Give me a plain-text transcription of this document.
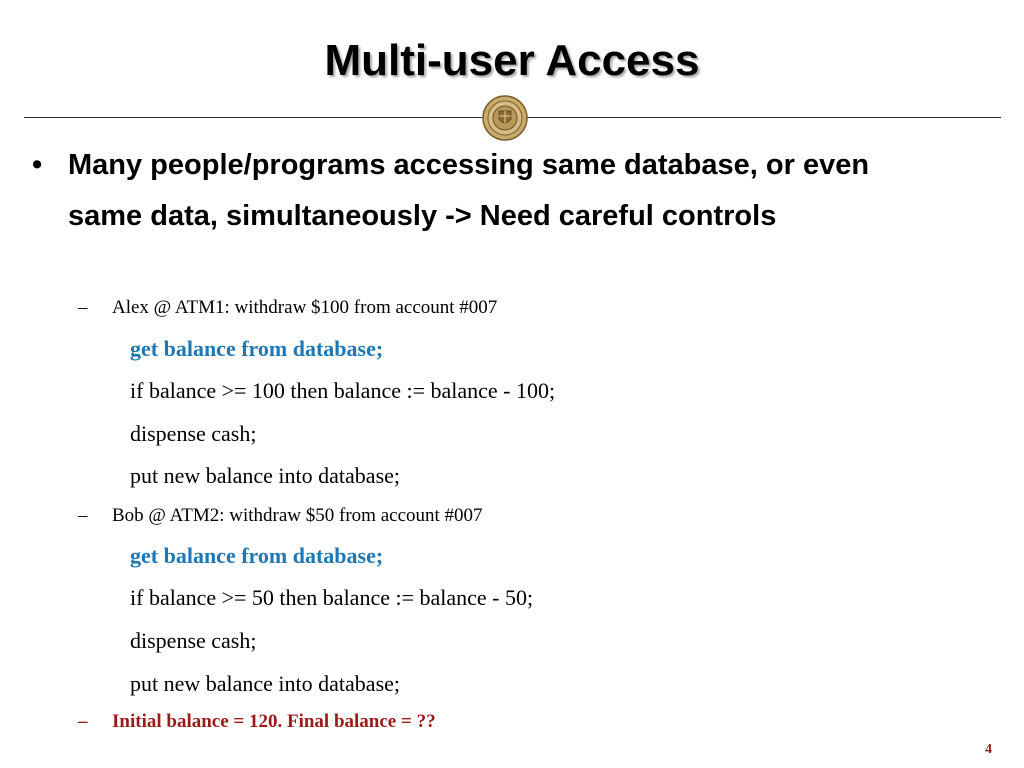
Multi-user Access
• Many people/programs accessing same database, or even same data, simultaneously -> Need careful controls
–	Alex @ ATM1: withdraw $100 from account #007
get balance from database;
if balance >= 100 then balance := balance - 100;
dispense cash;
put new balance into database;
–	Bob @ ATM2: withdraw $50 from account #007
get balance from database;
if balance >= 50 then balance := balance - 50;
dispense cash;
put new balance into database;
–	Initial balance = 120. Final balance = ??
4
